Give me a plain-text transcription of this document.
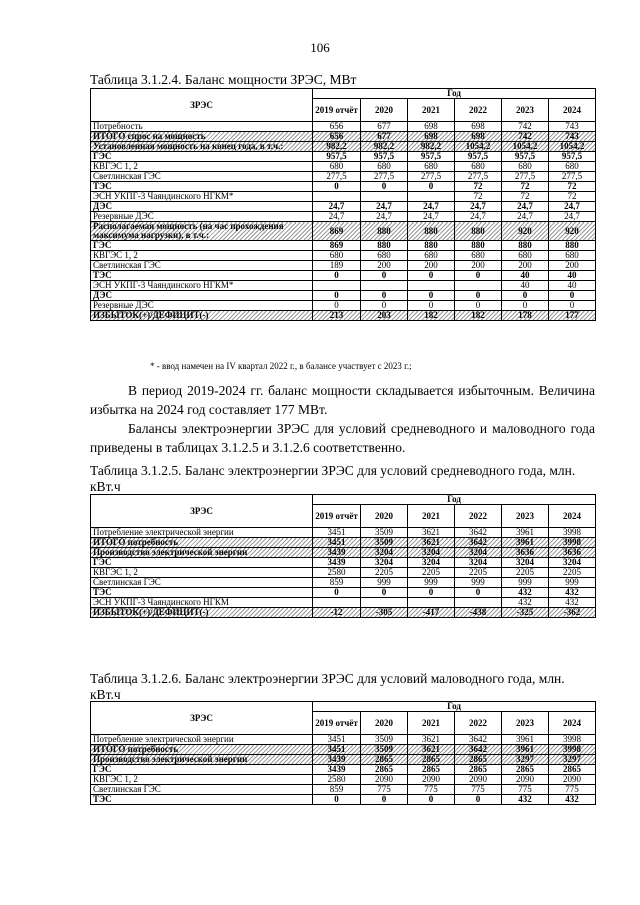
106
Таблица 3.1.2.4. Баланс мощности ЗРЭС, МВт
ЗРЭС	Год					
	2019 отчёт	2020	2021	2022	2023	2024
Потребность	656	677	698	698	742	743
ИТОГО спрос на мощность	656	677	698	698	742	743
Установленная мощность на конец года, в т.ч.:	982,2	982,2	982,2	1054,2	1054,2	1054,2
ГЭС	957,5	957,5	957,5	957,5	957,5	957,5
КВГЭС 1, 2	680	680	680	680	680	680
Светлинская ГЭС	277,5	277,5	277,5	277,5	277,5	277,5
ТЭС	0	0	0	72	72	72
ЭСН УКПГ-3 Чаяндинского НГКМ*				72	72	72
ДЭС	24,7	24,7	24,7	24,7	24,7	24,7
Резервные ДЭС	24,7	24,7	24,7	24,7	24,7	24,7
Располагаемая мощность (на час прохождения максимума нагрузки), в т.ч.:	869	880	880	880	920	920
ГЭС	869	880	880	880	880	880
КВГЭС 1, 2	680	680	680	680	680	680
Светлинская ГЭС	189	200	200	200	200	200
ТЭС	0	0	0	0	40	40
ЭСН УКПГ-3 Чаяндинского НГКМ*					40	40
ДЭС	0	0	0	0	0	0
Резервные ДЭС	0	0	0	0	0	0
ИЗБЫТОК(+)/ДЕФИЦИТ(-)	213	203	182	182	178	177
* - ввод намечен на IV квартал 2022 г., в балансе участвует с 2023 г.;

В период 2019-2024 гг. баланс мощности складывается избыточным. Величина избытка на 2024 год составляет 177 МВт.

Балансы электроэнергии ЗРЭС для условий средневодного и маловодного года приведены в таблицах 3.1.2.5 и 3.1.2.6 соответственно.

Таблица 3.1.2.5. Баланс электроэнергии ЗРЭС для условий средневодного года, млн. кВт.ч
ЗРЭС	Год					
	2019 отчёт	2020	2021	2022	2023	2024
Потребление электрической энергии	3451	3509	3621	3642	3961	3998
ИТОГО потребность	3451	3509	3621	3642	3961	3998
Производство электрической энергии	3439	3204	3204	3204	3636	3636
ГЭС	3439	3204	3204	3204	3204	3204
КВГЭС 1, 2	2580	2205	2205	2205	2205	2205
Светлинская ГЭС	859	999	999	999	999	999
ТЭС	0	0	0	0	432	432
ЭСН УКПГ-3 Чаяндинского НГКМ					432	432
ИЗБЫТОК(+)/ДЕФИЦИТ(-)	-12	-305	-417	-438	-325	-362
Таблица 3.1.2.6. Баланс электроэнергии ЗРЭС для условий маловодного года, млн. кВт.ч
ЗРЭС	Год					
	2019 отчёт	2020	2021	2022	2023	2024
Потребление электрической энергии	3451	3509	3621	3642	3961	3998
ИТОГО потребность	3451	3509	3621	3642	3961	3998
Производство электрической энергии	3439	2865	2865	2865	3297	3297
ГЭС	3439	2865	2865	2865	2865	2865
КВГЭС 1, 2	2580	2090	2090	2090	2090	2090
Светлинская ГЭС	859	775	775	775	775	775
ТЭС	0	0	0	0	432	432
